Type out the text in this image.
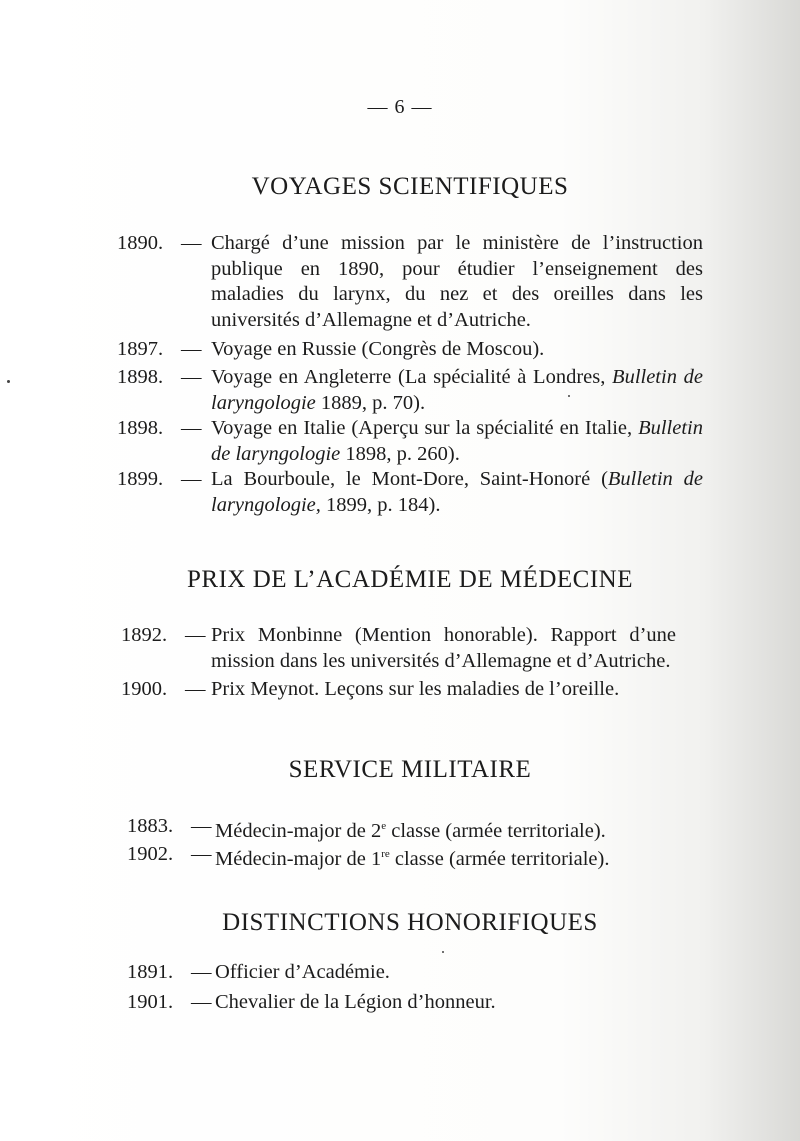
— 6 —
VOYAGES SCIENTIFIQUES
1890. — Chargé d’une mission par le ministère de l’instruction publique en 1890, pour étudier l’enseignement des maladies du larynx, du nez et des oreilles dans les universités d’Allemagne et d’Autriche.
1897. — Voyage en Russie (Congrès de Moscou).
1898. — Voyage en Angleterre (La spécialité à Londres, Bulletin de laryngologie 1889, p. 70).
1898. — Voyage en Italie (Aperçu sur la spécialité en Italie, Bulletin de laryngologie 1898, p. 260).
1899. — La Bourboule, le Mont-Dore, Saint-Honoré (Bulletin de laryngologie, 1899, p. 184).
PRIX DE L’ACADÉMIE DE MÉDECINE
1892. — Prix Monbinne (Mention honorable). Rapport d’une mission dans les universités d’Allemagne et d’Autriche.
1900. — Prix Meynot. Leçons sur les maladies de l’oreille.
SERVICE MILITAIRE
1883. — Médecin-major de 2e classe (armée territoriale).
1902. — Médecin-major de 1re classe (armée territoriale).
DISTINCTIONS HONORIFIQUES
1891. — Officier d’Académie.
1901. — Chevalier de la Légion d’honneur.
